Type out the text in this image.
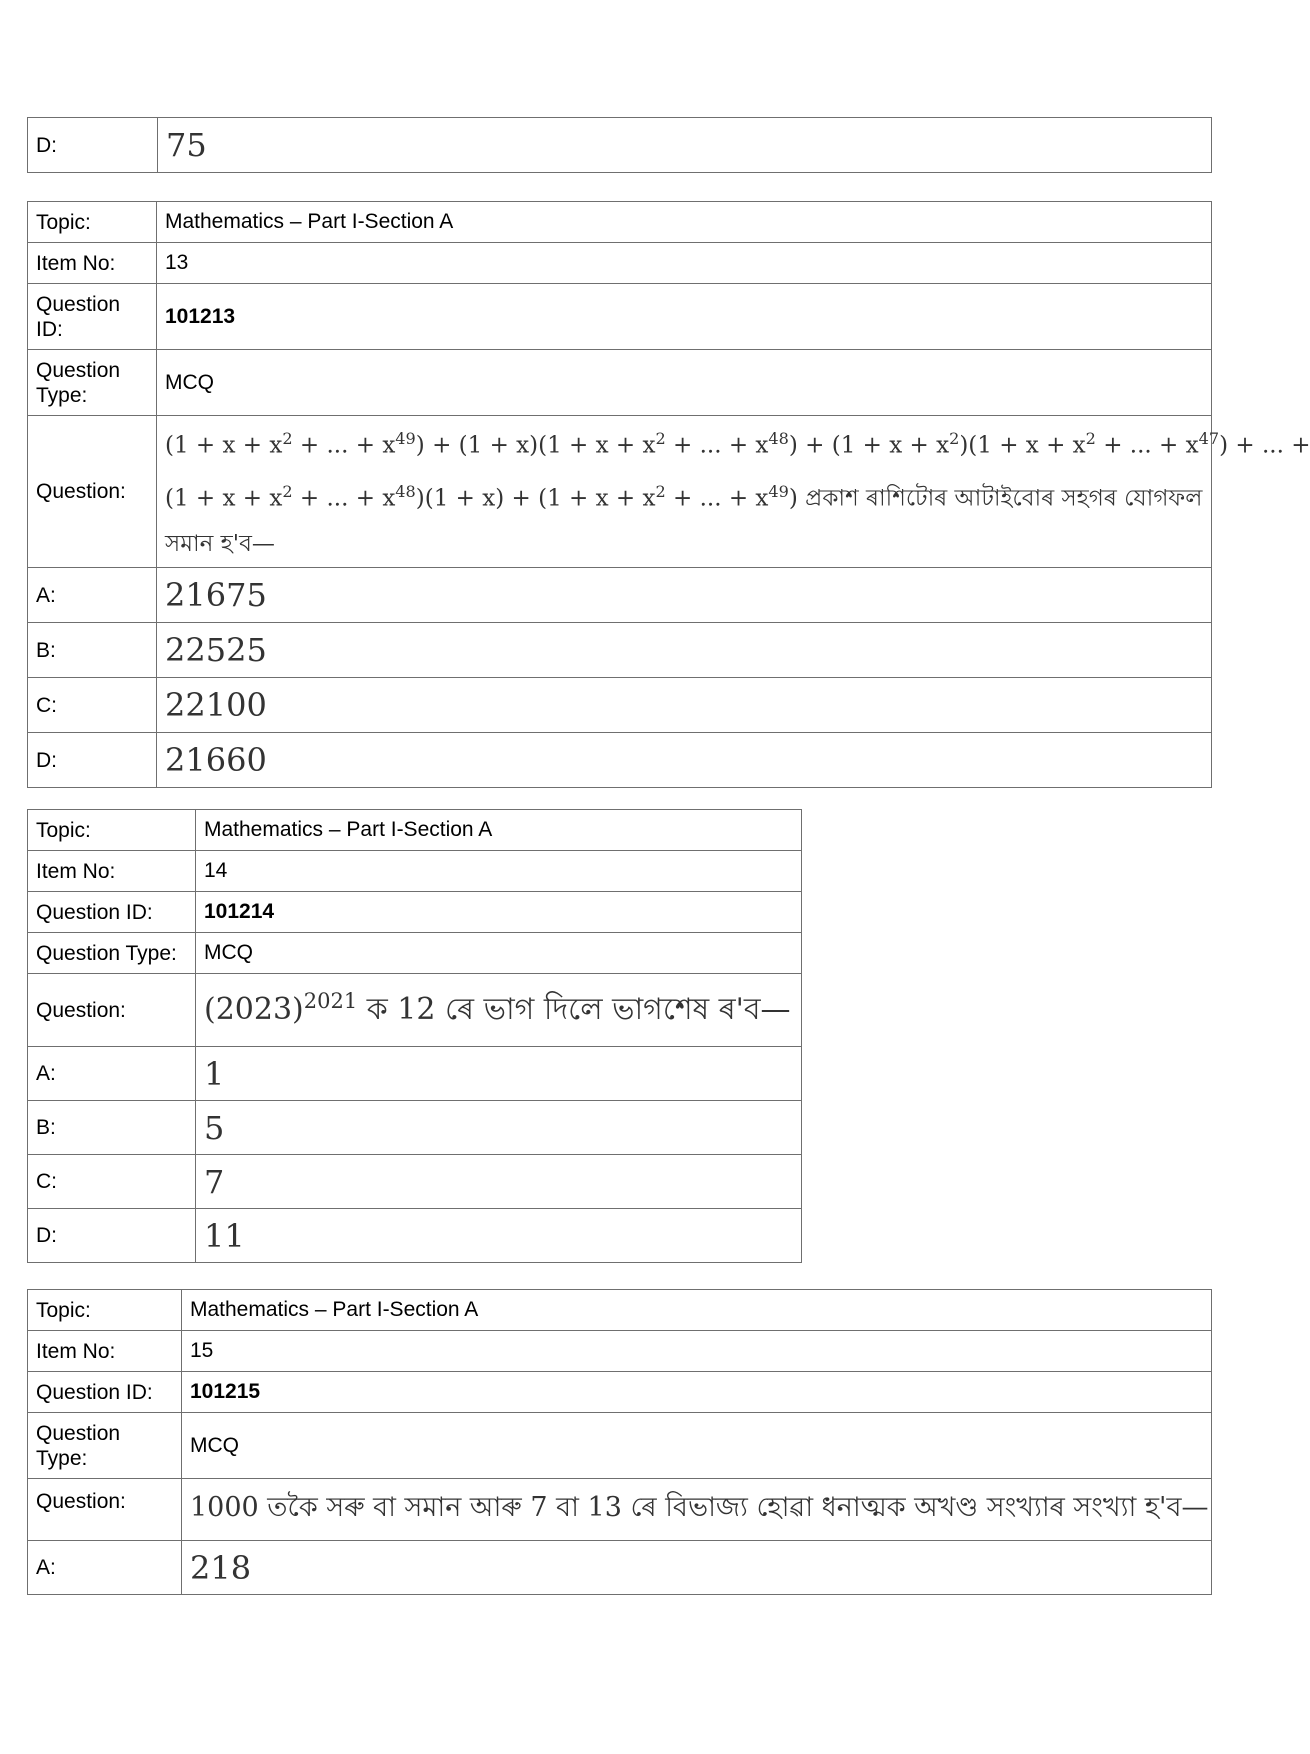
D:	75
Topic:	Mathematics – Part I-Section A
Item No:	13
Question ID:	101213
Question Type:	MCQ
Question:	($1 + x + x^2$ + ... + $x^{49}) + (1 + x)(1 + x + x^2$ + ... + $x^{48}) + (1 + x + x^2)(1 + x + x^2$ + ... + $x^{47}$) + ... +
($1 + x + x^2$ + ... + $x^{48})(1 + x) + (1 + x + x^2$ + ... + $x^{49}$) প্ৰকাশ ৰাশিটোৰ আটাইবোৰ সহগৰ যোগফল
সমান হ'ব—

A:	21675
B:	22525
C:	22100
D:	21660
Topic:	Mathematics – Part I-Section A
Item No:	14
Question ID:	101214
Question Type:	MCQ
Question:	$(2023)^{2021}$ ক 12 ৰে ভাগ দিলে ভাগশেষ ৰ'ব—
A:	1
B:	5
C:	7
D:	11
Topic:	Mathematics – Part I-Section A
Item No:	15
Question ID:	101215
Question Type:	MCQ
Question:	1000 তকৈ সৰু বা সমান আৰু 7 বা 13 ৰে বিভাজ্য হোৱা ধনাত্মক অখণ্ড সংখ্যাৰ সংখ্যা হ'ব—
A:	218
